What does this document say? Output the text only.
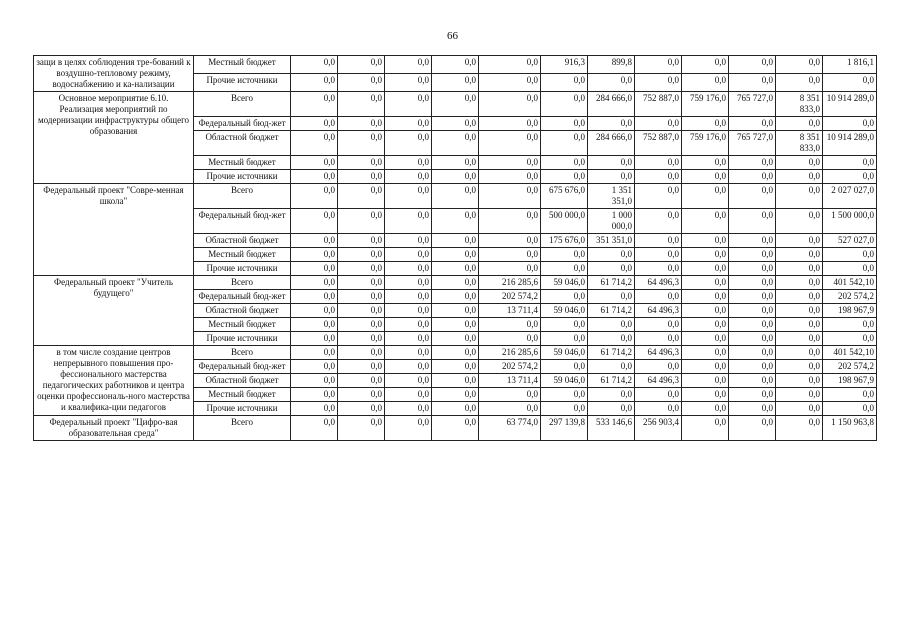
66
защи в целях соблюдения тре-бований к воздушно-тепловому режиму, водоснабжению и ка-нализации	Местный бюджет	0,0	0,0	0,0	0,0	0,0	916,3	899,8	0,0	0,0	0,0	0,0	1 816,1
	Прочие источники	0,0	0,0	0,0	0,0	0,0	0,0	0,0	0,0	0,0	0,0	0,0	0,0
Основное мероприятие 6.10. Реализация мероприятий по модернизации инфраструктуры общего образования	Всего	0,0	0,0	0,0	0,0	0,0	0,0	284 666,0	752 887,0	759 176,0	765 727,0	8 351 833,0	10 914 289,0
	Федеральный бюд-жет	0,0	0,0	0,0	0,0	0,0	0,0	0,0	0,0	0,0	0,0	0,0	0,0
	Областной бюджет	0,0	0,0	0,0	0,0	0,0	0,0	284 666,0	752 887,0	759 176,0	765 727,0	8 351 833,0	10 914 289,0
	Местный бюджет	0,0	0,0	0,0	0,0	0,0	0,0	0,0	0,0	0,0	0,0	0,0	0,0
	Прочие источники	0,0	0,0	0,0	0,0	0,0	0,0	0,0	0,0	0,0	0,0	0,0	0,0
Федеральный проект "Совре-менная школа"	Всего	0,0	0,0	0,0	0,0	0,0	675 676,0	1 351 351,0	0,0	0,0	0,0	0,0	2 027 027,0
	Федеральный бюд-жет	0,0	0,0	0,0	0,0	0,0	500 000,0	1 000 000,0	0,0	0,0	0,0	0,0	1 500 000,0
	Областной бюджет	0,0	0,0	0,0	0,0	0,0	175 676,0	351 351,0	0,0	0,0	0,0	0,0	527 027,0
	Местный бюджет	0,0	0,0	0,0	0,0	0,0	0,0	0,0	0,0	0,0	0,0	0,0	0,0
	Прочие источники	0,0	0,0	0,0	0,0	0,0	0,0	0,0	0,0	0,0	0,0	0,0	0,0
Федеральный проект "Учитель будущего"	Всего	0,0	0,0	0,0	0,0	216 285,6	59 046,0	61 714,2	64 496,3	0,0	0,0	0,0	401 542,10
	Федеральный бюд-жет	0,0	0,0	0,0	0,0	202 574,2	0,0	0,0	0,0	0,0	0,0	0,0	202 574,2
	Областной бюджет	0,0	0,0	0,0	0,0	13 711,4	59 046,0	61 714,2	64 496,3	0,0	0,0	0,0	198 967,9
	Местный бюджет	0,0	0,0	0,0	0,0	0,0	0,0	0,0	0,0	0,0	0,0	0,0	0,0
	Прочие источники	0,0	0,0	0,0	0,0	0,0	0,0	0,0	0,0	0,0	0,0	0,0	0,0
в том числе создание центров непрерывного повышения про-фессионального мастерства педагогических работников и центра оценки профессиональ-ного мастерства и квалифика-ции педагогов	Всего	0,0	0,0	0,0	0,0	216 285,6	59 046,0	61 714,2	64 496,3	0,0	0,0	0,0	401 542,10
	Федеральный бюд-жет	0,0	0,0	0,0	0,0	202 574,2	0,0	0,0	0,0	0,0	0,0	0,0	202 574,2
	Областной бюджет	0,0	0,0	0,0	0,0	13 711,4	59 046,0	61 714,2	64 496,3	0,0	0,0	0,0	198 967,9
	Местный бюджет	0,0	0,0	0,0	0,0	0,0	0,0	0,0	0,0	0,0	0,0	0,0	0,0
	Прочие источники	0,0	0,0	0,0	0,0	0,0	0,0	0,0	0,0	0,0	0,0	0,0	0,0
Федеральный проект "Цифро-вая образовательная среда"	Всего	0,0	0,0	0,0	0,0	63 774,0	297 139,8	533 146,6	256 903,4	0,0	0,0	0,0	1 150 963,8
